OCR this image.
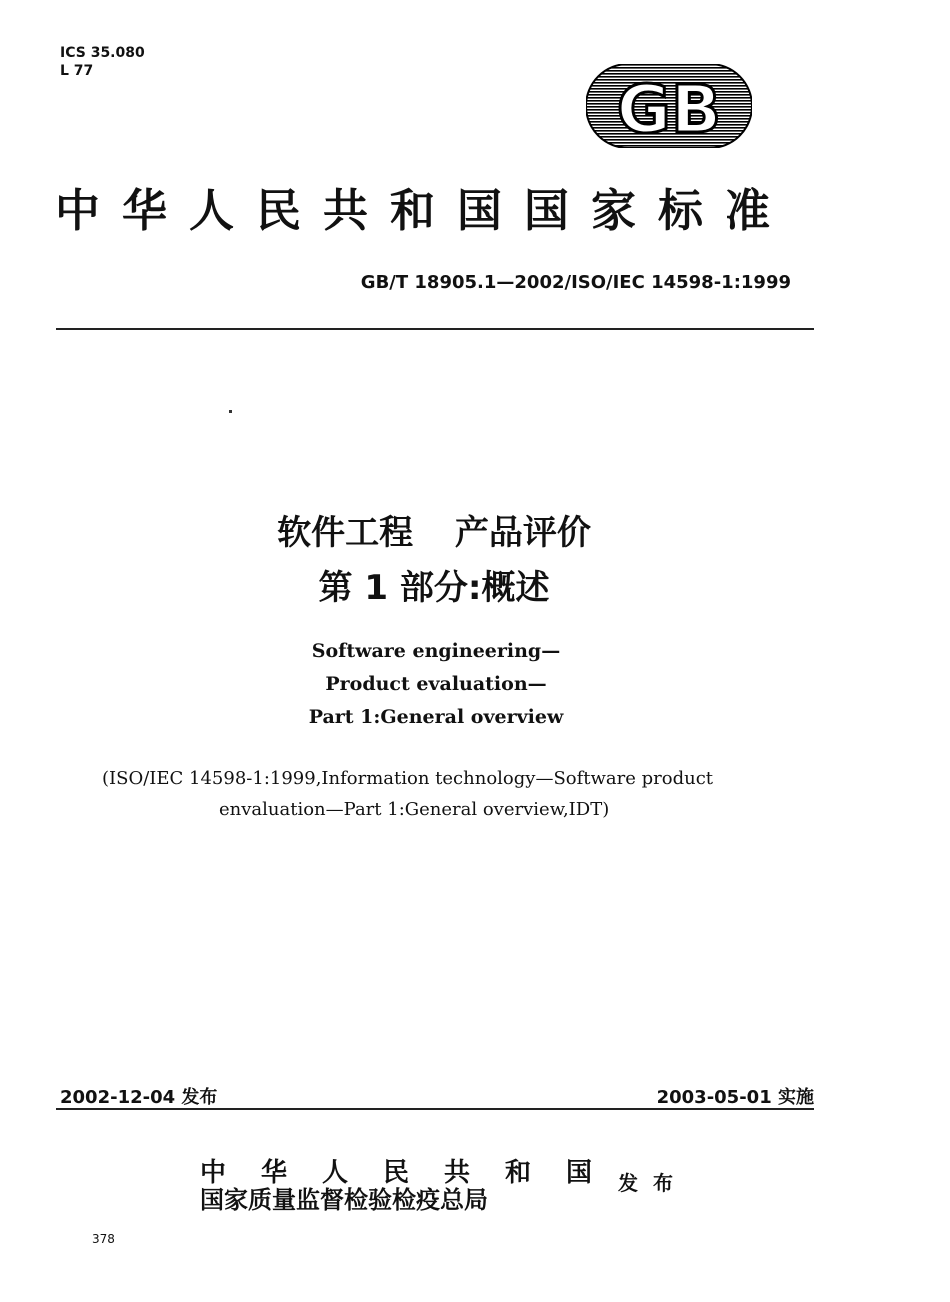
ICS 35.080
L 77	GB
中华人民共和国国家标准
GB/T 18905.1—2002/ISO/IEC 14598-1:1999
软件工程 产品评价
第 1 部分:概述
Software engineering—
Product evaluation—
Part 1:General overview
(ISO/IEC 14598-1:1999,Information technology—Software product
envaluation—Part 1:General overview,IDT)
2002-12-04 发布	2003-05-01 实施
中华人民共和国
国家质量监督检验检疫总局
发 布
378
